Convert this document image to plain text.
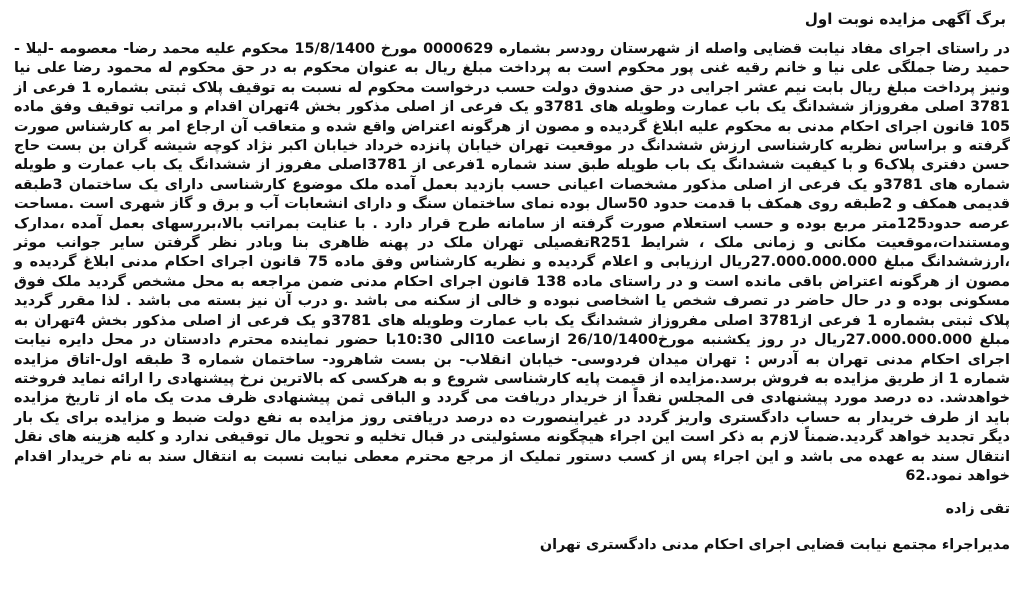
برگ آگهی مزایده نوبت اول

در راستای اجرای مفاد نیابت قضایی واصله از شهرستان رودسر بشماره 0000629 مورخ 15/8/1400 محکوم علیه محمد رضا- معصومه -لیلا - حمید رضا جملگی علی نیا و خانم رقیه غنی پور محکوم است به پرداخت مبلغ ریال به عنوان محکوم به در حق محکوم له محمود رضا علی نیا ونیز پرداخت مبلغ ریال بابت نیم عشر اجرایی در حق صندوق دولت حسب درخواست محکوم له نسبت به توقیف پلاک ثبتی بشماره 1 فرعی از 3781 اصلی مفروزاز ششدانگ یک باب عمارت وطویله های 3781و یک فرعی از اصلی مذکور بخش 4تهران اقدام و مراتب توقیف وفق ماده 105 قانون اجرای احکام مدنی به محکوم علیه ابلاغ گردیده و مصون از هرگونه اعتراض واقع شده و متعاقب آن ارجاع امر به کارشناس صورت گرفته و براساس نظریه کارشناسی ارزش ششدانگ در موقعیت تهران خیابان پانزده خرداد خیابان اکبر نژاد کوچه شیشه گران بن بست حاج حسن دفتری پلاک6 و با کیفیت ششدانگ یک باب طویله طبق سند شماره 1فرعی از 3781اصلی مفروز از ششدانگ یک باب عمارت و طویله شماره های 3781و یک فرعی از اصلی مذکور مشخصات اعیانی حسب بازدید بعمل آمده ملک موضوع کارشناسی دارای یک ساختمان 3طبقه قدیمی همکف و 2طبقه روی همکف با قدمت حدود 50سال بوده نمای ساختمان سنگ و دارای انشعابات آب و برق و گاز شهری است .مساحت عرصه حدود125متر مربع بوده و حسب استعلام صورت گرفته از سامانه طرح قرار دارد . با عنایت بمراتب بالا،بررسهای بعمل آمده ،مدارک ومستندات،موقعیت مکانی و زمانی ملک ، شرایط R251تفصیلی تهران ملک در پهنه ظاهری بنا وبادر نظر گرفتن سایر جوانب موثر ،ارزششدانگ مبلغ 27.000.000.000ریال ارزیابی و اعلام گردیده و نظریه کارشناس وفق ماده 75 قانون اجرای احکام مدنی ابلاغ گردیده و مصون از هرگونه اعتراض باقی مانده است و در راستای ماده 138 قانون اجرای احکام مدنی ضمن مراجعه به محل مشخص گردید ملک فوق مسکونی بوده و در حال حاضر در تصرف شخص یا اشخاصی نبوده و خالی از سکنه می باشد .و درب آن نیز بسته می باشد . لذا مقرر گردید پلاک ثبتی بشماره 1 فرعی از3781 اصلی مفروزاز ششدانگ یک باب عمارت وطویله های 3781و یک فرعی از اصلی مذکور بخش 4تهران به مبلغ 27.000.000.000ریال در روز یکشنبه مورخ26/10/1400 ازساعت 10الی 10:30با حضور نماینده محترم دادستان در محل دایره نیابت اجرای احکام مدنی تهران به آدرس : تهران میدان فردوسی- خیابان انقلاب- بن بست شاهرود- ساختمان شماره 3 طبقه اول-اتاق مزایده شماره 1 از طریق مزایده به فروش برسد.مزایده از قیمت پایه کارشناسی شروع و به هرکسی که بالاترین نرخ پیشنهادی را ارائه نماید فروخته خواهدشد. ده درصد مورد پیشنهادی فی المجلس نقداً از خریدار دریافت می گردد و الباقی ثمن پیشنهادی ظرف مدت یک ماه از تاریخ مزایده باید از طرف خریدار به حساب دادگستری واریز گردد در غیراینصورت ده درصد دریافتی روز مزایده به نفع دولت ضبط و مزایده برای یک بار دیگر تجدید خواهد گردید.ضمناً لازم به ذکر است این اجراء هیچگونه مسئولیتی در قبال تخلیه و تحویل مال توقیفی ندارد و کلیه هزینه های نقل انتقال سند به عهده می باشد و این اجراء پس از کسب دستور تملیک از مرجع محترم معطی نیابت نسبت به انتقال سند به نام خریدار اقدام خواهد نمود.62

تقی زاده
مدیراجراء مجتمع نیابت قضایی اجرای احکام مدنی دادگستری تهران
